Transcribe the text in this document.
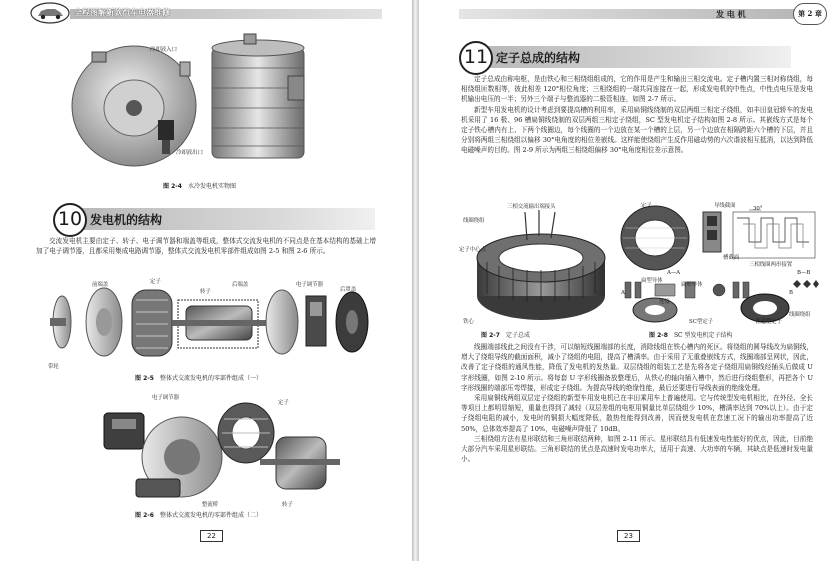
全程图解新款汽车电器维修
冷却液入口
冷却液出口
图 2-4 水冷发电机实物图
10 发电机的结构

交流发电机主要由定子、转子、电子调节器和端盖等组成，整体式交流发电机的不同点是在基本结构的基础上增加了电子调节器，且都采用集成电路调节器，整体式交流发电机零部件组成如图 2-5 和图 2-6 所示。

前端盖	定子
转子
后端盖	电子调节器
后罩盖
带轮
图 2-5 整体式交流发电机的零部件组成（一）
电子调节器
定子
整流桥	转子
图 2-6 整体式交流发电机的零部件组成（二）
22
发 电 机	第 2 章
11 定子总成的结构

定子总成由称电枢，是由铁心和三相绕组组成的，它的作用是产生和输出三相交流电。定子槽内置三相对称绕组，每相绕组匝数相等，彼此相差 120°相位角度；三相绕组的一端共同连接在一起，形成发电机的中性点，中性点电压是发电机输出电压的一半；另外三个端子与整流器的二极管相连，如图 2-7 所示。

新型车用发电机的设计考虑到要提高槽的利用率，采用扁铜线绕制的双层两组三相定子绕组，如丰田皇冠轿车的发电机采用了 16 极、96 槽扁铜线绕制的双层两组三相定子绕组，SC 型发电机定子结构如图 2-8 所示。其嵌线方式是每个定子铁心槽内有上、下两个线圈边，每个线圈的一个边放在某一个槽的上层，另一个边放在相隔跨距六个槽的下层，并且分别将两组三相绕组以偏移 30°电角度的相位差嵌线。这样能使绕组产生反作用磁动势的六次谐波相互抵消，以达到降低电磁噪声的目的。图 2-9 所示为两组三相绕组偏移 30°电角度相位差示意图。

三相交流输出端接头
线圈绕组
定子中心点
铁心
图 2-7 定子总成
定子	导线截面
槽截面
30°
三相线圈两串接置
A—A	B—B
扁型导体
扁形导体
A	B
连接
SC型定子
线圈绕组
普通型定子
图 2-8 SC 型发电机定子结构

线圈端部线此之间没有干涉，可以缩短线圈端部的长度，消除线组在铁心槽内的死区。将绕组的圆导线改为扁铜线，增大了绕组导线的截面面积，减小了绕组的电阻，提高了槽满率。由于采用了无重叠嵌线方式，线圈端部呈网状，因此，改善了定子绕组的通风性能，降低了发电机的发热量。双层绕组的组装工艺是先将各定子绕组用扁铜线经插头后做成 U 字形线圈，如图 2-10 所示。将每套 U 字形线圈备放整理后，从铁心的轴向插入槽中，然后进行绕组整形，再把各个 U 字形线圈的端部压弯焊接，形成定子绕组。为提高导线的绝缘性能，最后还要进行导线表面的绝缘处理。

采用扁铜线两组双层定子绕组的新型车用发电机已在丰田乘用车上普遍使用。它与传统型发电机相比，在外径、全长等项目上都明显缩短，重量也得到了减轻（双层差组的电枢用铜量比单层绕组少 10%，槽满率达到 70%以上）。由于定子绕组电阻的减小，发电时的铜损大幅度降低，散热性能得到改善，因而使发电机在怠速工况下的输出功率提高了近 50%，总体效率提高了 10%，电磁噪声降低了 10dB。

三相绕组方法有星形联结和三角形联结两种，如图 2-11 所示。星形联结具有低速发电性能好的优点，因此，目前绝大部分汽车采用星形联结。三角形联结的优点是高速时发电功率大，适用于高速、大功率的车辆，其缺点是低速时发电量小。

23
